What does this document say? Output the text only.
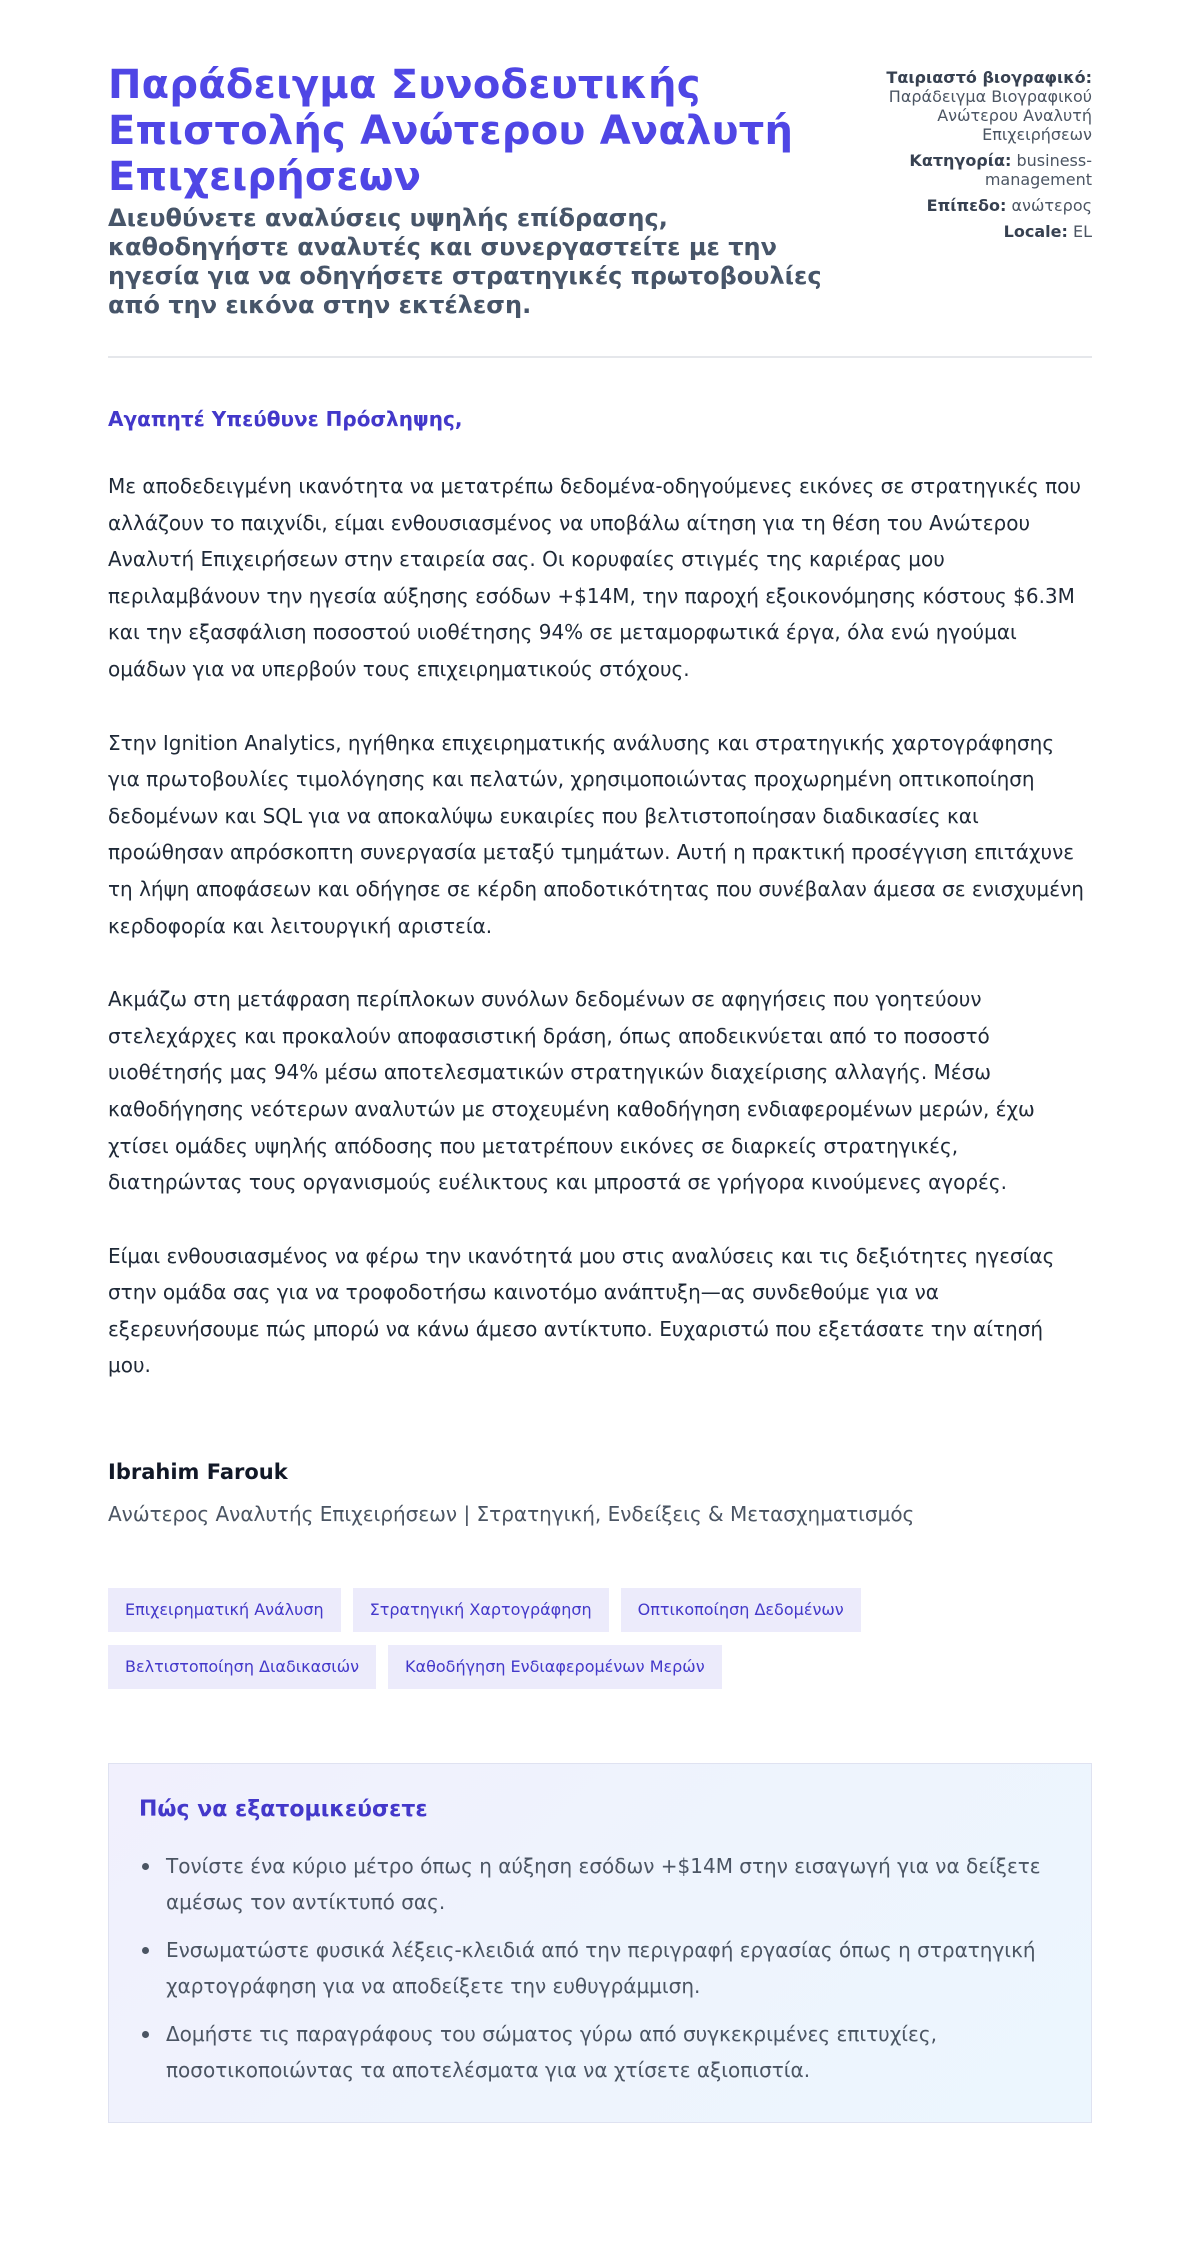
Παράδειγμα Συνοδευτικής Επιστολής Ανώτερου Αναλυτή Επιχειρήσεων

Διευθύνετε αναλύσεις υψηλής επίδρασης, καθοδηγήστε αναλυτές και συνεργαστείτε με την ηγεσία για να οδηγήσετε στρατηγικές πρωτοβουλίες από την εικόνα στην εκτέλεση.

Ταιριαστό βιογραφικό: Παράδειγμα Βιογραφικού Ανώτερου Αναλυτή Επιχειρήσεων
Κατηγορία: business-management
Επίπεδο: ανώτερος
Locale: EL

Αγαπητέ Υπεύθυνε Πρόσληψης,

Με αποδεδειγμένη ικανότητα να μετατρέπω δεδομένα-οδηγούμενες εικόνες σε στρατηγικές που αλλάζουν το παιχνίδι, είμαι ενθουσιασμένος να υποβάλω αίτηση για τη θέση του Ανώτερου Αναλυτή Επιχειρήσεων στην εταιρεία σας. Οι κορυφαίες στιγμές της καριέρας μου περιλαμβάνουν την ηγεσία αύξησης εσόδων +$14M, την παροχή εξοικονόμησης κόστους $6.3M και την εξασφάλιση ποσοστού υιοθέτησης 94% σε μεταμορφωτικά έργα, όλα ενώ ηγούμαι ομάδων για να υπερβούν τους επιχειρηματικούς στόχους.

Στην Ignition Analytics, ηγήθηκα επιχειρηματικής ανάλυσης και στρατηγικής χαρτογράφησης για πρωτοβουλίες τιμολόγησης και πελατών, χρησιμοποιώντας προχωρημένη οπτικοποίηση δεδομένων και SQL για να αποκαλύψω ευκαιρίες που βελτιστοποίησαν διαδικασίες και προώθησαν απρόσκοπτη συνεργασία μεταξύ τμημάτων. Αυτή η πρακτική προσέγγιση επιτάχυνε τη λήψη αποφάσεων και οδήγησε σε κέρδη αποδοτικότητας που συνέβαλαν άμεσα σε ενισχυμένη κερδοφορία και λειτουργική αριστεία.

Ακμάζω στη μετάφραση περίπλοκων συνόλων δεδομένων σε αφηγήσεις που γοητεύουν στελεχάρχες και προκαλούν αποφασιστική δράση, όπως αποδεικνύεται από το ποσοστό υιοθέτησής μας 94% μέσω αποτελεσματικών στρατηγικών διαχείρισης αλλαγής. Μέσω καθοδήγησης νεότερων αναλυτών με στοχευμένη καθοδήγηση ενδιαφερομένων μερών, έχω χτίσει ομάδες υψηλής απόδοσης που μετατρέπουν εικόνες σε διαρκείς στρατηγικές, διατηρώντας τους οργανισμούς ευέλικτους και μπροστά σε γρήγορα κινούμενες αγορές.

Είμαι ενθουσιασμένος να φέρω την ικανότητά μου στις αναλύσεις και τις δεξιότητες ηγεσίας στην ομάδα σας για να τροφοδοτήσω καινοτόμο ανάπτυξη—ας συνδεθούμε για να εξερευνήσουμε πώς μπορώ να κάνω άμεσο αντίκτυπο. Ευχαριστώ που εξετάσατε την αίτησή μου.

Ibrahim Farouk
Ανώτερος Αναλυτής Επιχειρήσεων | Στρατηγική, Ενδείξεις & Μετασχηματισμός
Επιχειρηματική Ανάλυση	Στρατηγική Χαρτογράφηση	Οπτικοποίηση Δεδομένων
Βελτιστοποίηση Διαδικασιών	Καθοδήγηση Ενδιαφερομένων Μερών
Πώς να εξατομικεύσετε
Τονίστε ένα κύριο μέτρο όπως η αύξηση εσόδων +$14M στην εισαγωγή για να δείξετε αμέσως τον αντίκτυπό σας.
Ενσωματώστε φυσικά λέξεις-κλειδιά από την περιγραφή εργασίας όπως η στρατηγική χαρτογράφηση για να αποδείξετε την ευθυγράμμιση.
Δομήστε τις παραγράφους του σώματος γύρω από συγκεκριμένες επιτυχίες, ποσοτικοποιώντας τα αποτελέσματα για να χτίσετε αξιοπιστία.
